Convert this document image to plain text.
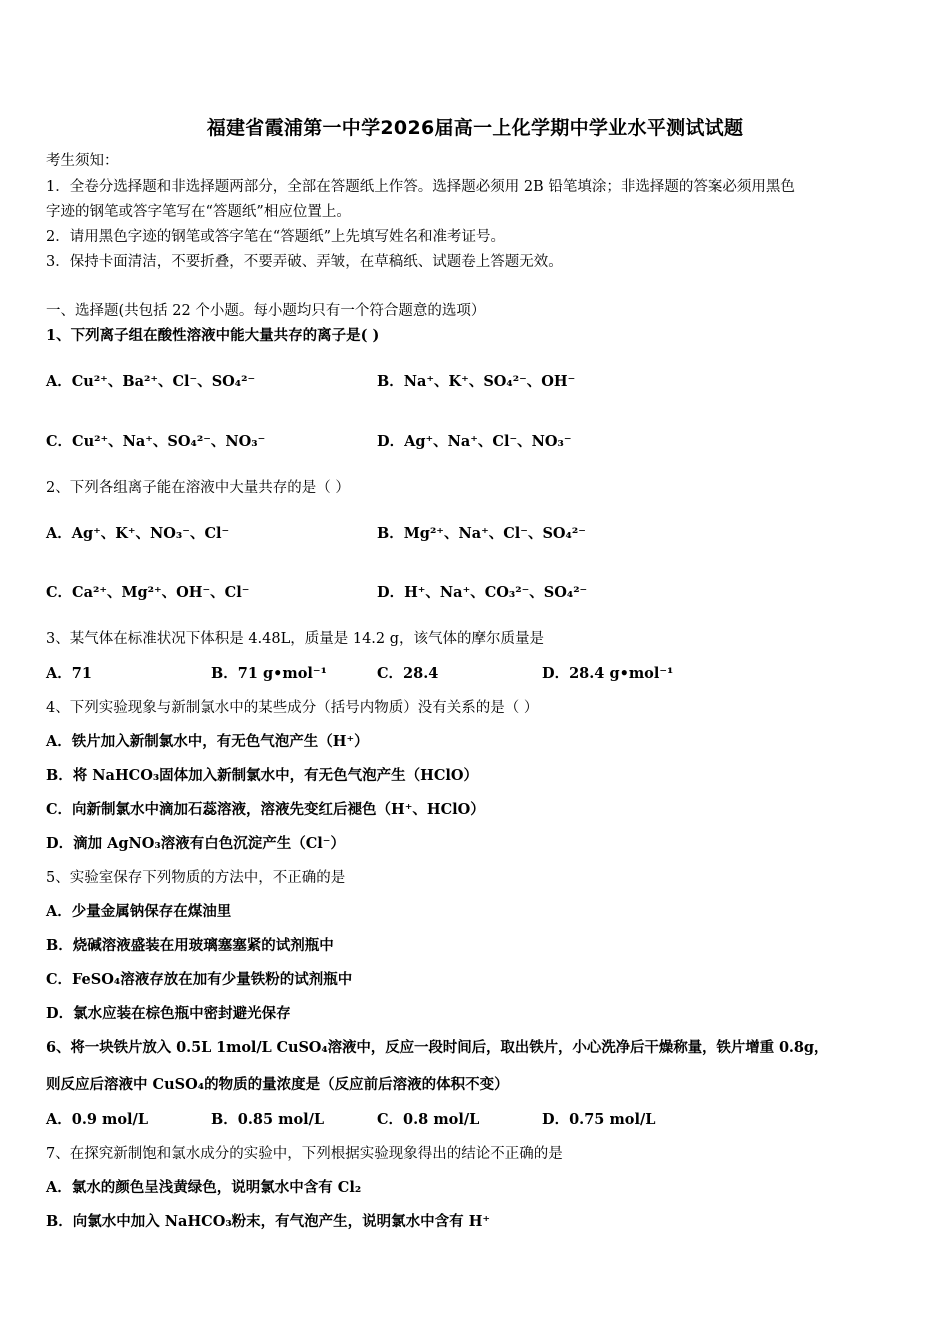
福建省霞浦第一中学2026届高一上化学期中学业水平测试试题
考生须知：
1．全卷分选择题和非选择题两部分，全部在答题纸上作答。选择题必须用 2B 铅笔填涂；非选择题的答案必须用黑色
字迹的钢笔或答字笔写在“答题纸”相应位置上。
2．请用黑色字迹的钢笔或答字笔在“答题纸”上先填写姓名和准考证号。
3．保持卡面清洁，不要折叠，不要弄破、弄皱，在草稿纸、试题卷上答题无效。
一、选择题(共包括 22 个小题。每小题均只有一个符合题意的选项）
1、下列离子组在酸性溶液中能大量共存的离子是( )
A．Cu²⁺、Ba²⁺、Cl⁻、SO₄²⁻	B．Na⁺、K⁺、SO₄²⁻、OH⁻
C．Cu²⁺、Na⁺、SO₄²⁻、NO₃⁻	D．Ag⁺、Na⁺、Cl⁻、NO₃⁻
2、下列各组离子能在溶液中大量共存的是（ ）
A．Ag⁺、K⁺、NO₃⁻、Cl⁻	B．Mg²⁺、Na⁺、Cl⁻、SO₄²⁻
C．Ca²⁺、Mg²⁺、OH⁻、Cl⁻	D．H⁺、Na⁺、CO₃²⁻、SO₄²⁻
3、某气体在标准状况下体积是 4.48L，质量是 14.2 g，该气体的摩尔质量是
A．71	B．71 g•mol⁻¹	C．28.4	D．28.4 g•mol⁻¹
4、下列实验现象与新制氯水中的某些成分（括号内物质）没有关系的是（ ）
A．铁片加入新制氯水中，有无色气泡产生（H⁺）
B．将 NaHCO₃固体加入新制氯水中，有无色气泡产生（HClO）
C．向新制氯水中滴加石蕊溶液，溶液先变红后褪色（H⁺、HClO）
D．滴加 AgNO₃溶液有白色沉淀产生（Cl⁻）
5、实验室保存下列物质的方法中，不正确的是
A．少量金属钠保存在煤油里
B．烧碱溶液盛装在用玻璃塞塞紧的试剂瓶中
C．FeSO₄溶液存放在加有少量铁粉的试剂瓶中
D．氯水应装在棕色瓶中密封避光保存
6、将一块铁片放入 0.5L 1mol/L CuSO₄溶液中，反应一段时间后，取出铁片，小心洗净后干燥称量，铁片增重 0.8g，
则反应后溶液中 CuSO₄的物质的量浓度是（反应前后溶液的体积不变）
A．0.9 mol/L	B．0.85 mol/L	C．0.8 mol/L	D．0.75 mol/L
7、在探究新制饱和氯水成分的实验中，下列根据实验现象得出的结论不正确的是
A．氯水的颜色呈浅黄绿色，说明氯水中含有 Cl₂
B．向氯水中加入 NaHCO₃粉末，有气泡产生，说明氯水中含有 H⁺
